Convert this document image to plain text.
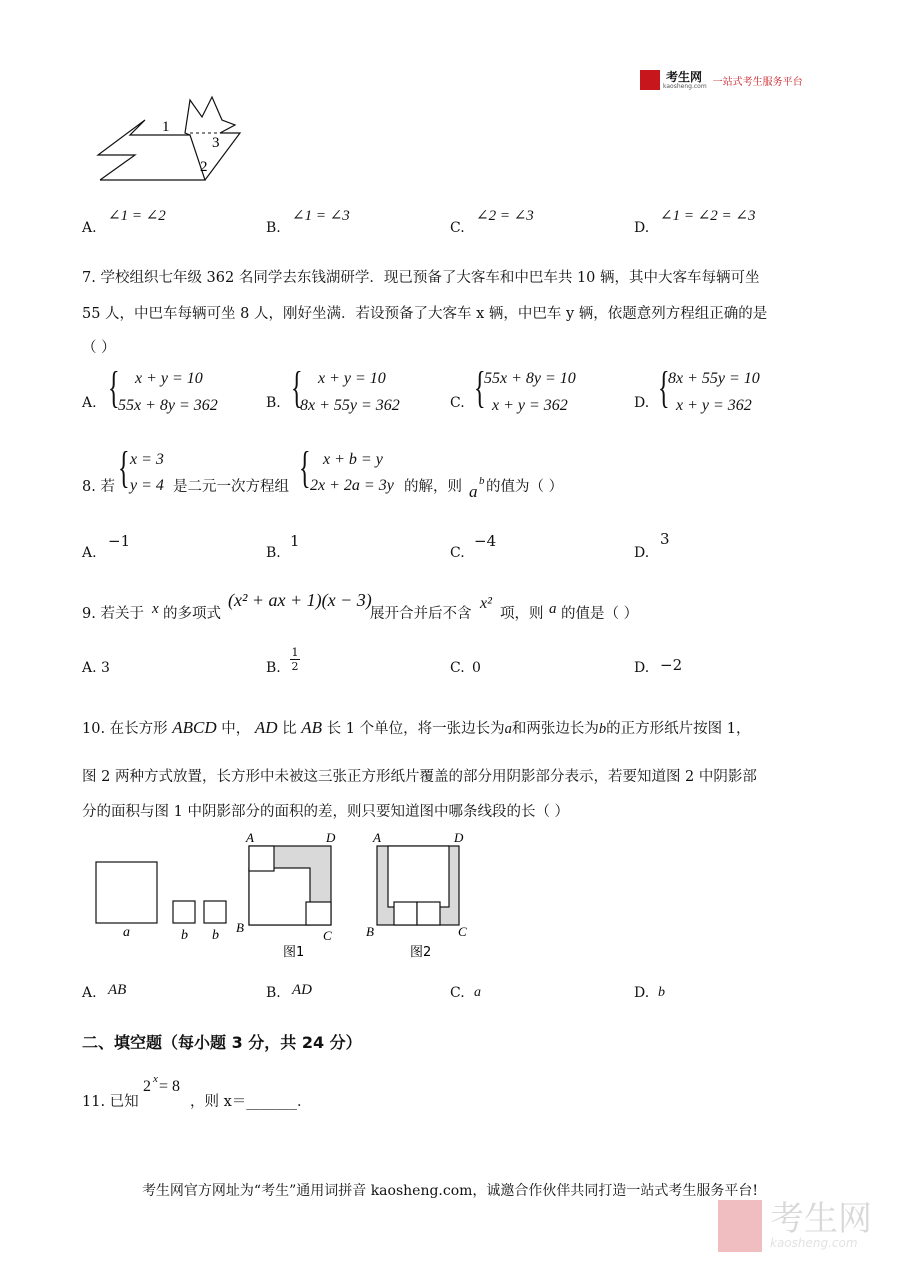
考生网
kaosheng.com 一站式考生服务平台
1
3
2
A.
∠1 = ∠2
B.
∠1 = ∠3
C.
∠2 = ∠3
D.
∠1 = ∠2 = ∠3
7. 学校组织七年级 362 名同学去东钱湖研学．现已预备了大客车和中巴车共 10 辆，其中大客车每辆可坐
55 人，中巴车每辆可坐 8 人，刚好坐满．若设预备了大客车 x 辆，中巴车 y 辆，依题意列方程组正确的是
（ ）
A. { x + y = 10
55x + 8y = 362	B. { x + y = 10
8x + 55y = 362	C. {
55x + 8y = 10
x + y = 362	D. {
8x + 55y = 10
x + y = 362
8. 若 { x = 3
y = 4 是二元一次方程组 { x + b = y
2x + 2a = 3y 的解，则 a
b 的值为（ ）
A.
−1
B.
1
C.
−4
D.
3
9. 若关于 x 的多项式
(x² + ax + 1)(x − 3)
展开合并后不含
x²
项，则 a 的值是（ ）
A. 3	B. $\frac{1}{2}$	C. 0	D. −2
10. 在长方形 ABCD 中， AD 比 AB 长 1 个单位，将一张边长为a和两张边长为b的正方形纸片按图 1，
图 2 两种方式放置，长方形中未被这三张正方形纸片覆盖的部分用阴影部分表示，若要知道图 2 中阴影部
分的面积与图 1 中阴影部分的面积的差，则只要知道图中哪条线段的长（ ）
a	b b
A	D
B
C
图1
A	D
B	C
图2
A. AB	B. AD	C. a	D. b
二、填空题（每小题 3 分，共 24 分）
11. 已知
2 x = 8
，则 x＝_______．
考生网官方网址为“考生”通用词拼音 kaosheng.com，诚邀合作伙伴共同打造一站式考生服务平台!
考生网
kaosheng.com
